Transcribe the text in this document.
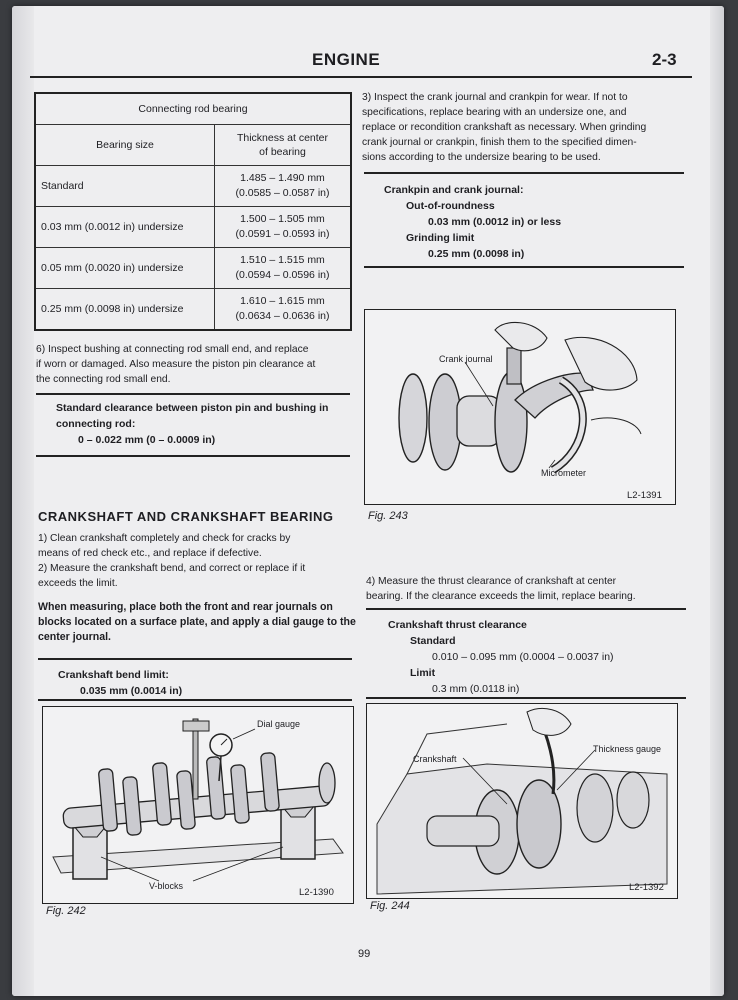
ENGINE	2-3
Connecting rod bearing	
Bearing size	Thickness at center
of bearing

Standard	1.485 – 1.490 mm
(0.0585 – 0.0587 in)

0.03 mm (0.0012 in) undersize	1.500 – 1.505 mm
(0.0591 – 0.0593 in)

0.05 mm (0.0020 in) undersize	1.510 – 1.515 mm
(0.0594 – 0.0596 in)

0.25 mm (0.0098 in) undersize	1.610 – 1.615 mm
(0.0634 – 0.0636 in)
6) Inspect bushing at connecting rod small end, and replace
if worn or damaged. Also measure the piston pin clearance at
the connecting rod small end.
Standard clearance between piston pin and bushing in
connecting rod:
0 – 0.022 mm (0 – 0.0009 in)
CRANKSHAFT AND CRANKSHAFT BEARING
1) Clean crankshaft completely and check for cracks by
means of red check etc., and replace if defective.
2) Measure the crankshaft bend, and correct or replace if it
exceeds the limit.
When measuring, place both the front and rear journals on
blocks located on a surface plate, and apply a dial gauge to the
center journal.
Crankshaft bend limit:
0.035 mm (0.0014 in)
Dial gauge
V-blocks
L2-1390
Fig. 242
3) Inspect the crank journal and crankpin for wear. If not to
specifications, replace bearing with an undersize one, and
replace or recondition crankshaft as necessary. When grinding
crank journal or crankpin, finish them to the specified dimen-
sions according to the undersize bearing to be used.
Crankpin and crank journal:
Out-of-roundness
0.03 mm (0.0012 in) or less
Grinding limit
0.25 mm (0.0098 in)
Crank journal
Micrometer
L2-1391
Fig. 243
4) Measure the thrust clearance of crankshaft at center
bearing. If the clearance exceeds the limit, replace bearing.
Crankshaft thrust clearance
Standard
0.010 – 0.095 mm (0.0004 – 0.0037 in)
Limit
0.3 mm (0.0118 in)
Crankshaft
Thickness gauge
L2-1392
Fig. 244
99
